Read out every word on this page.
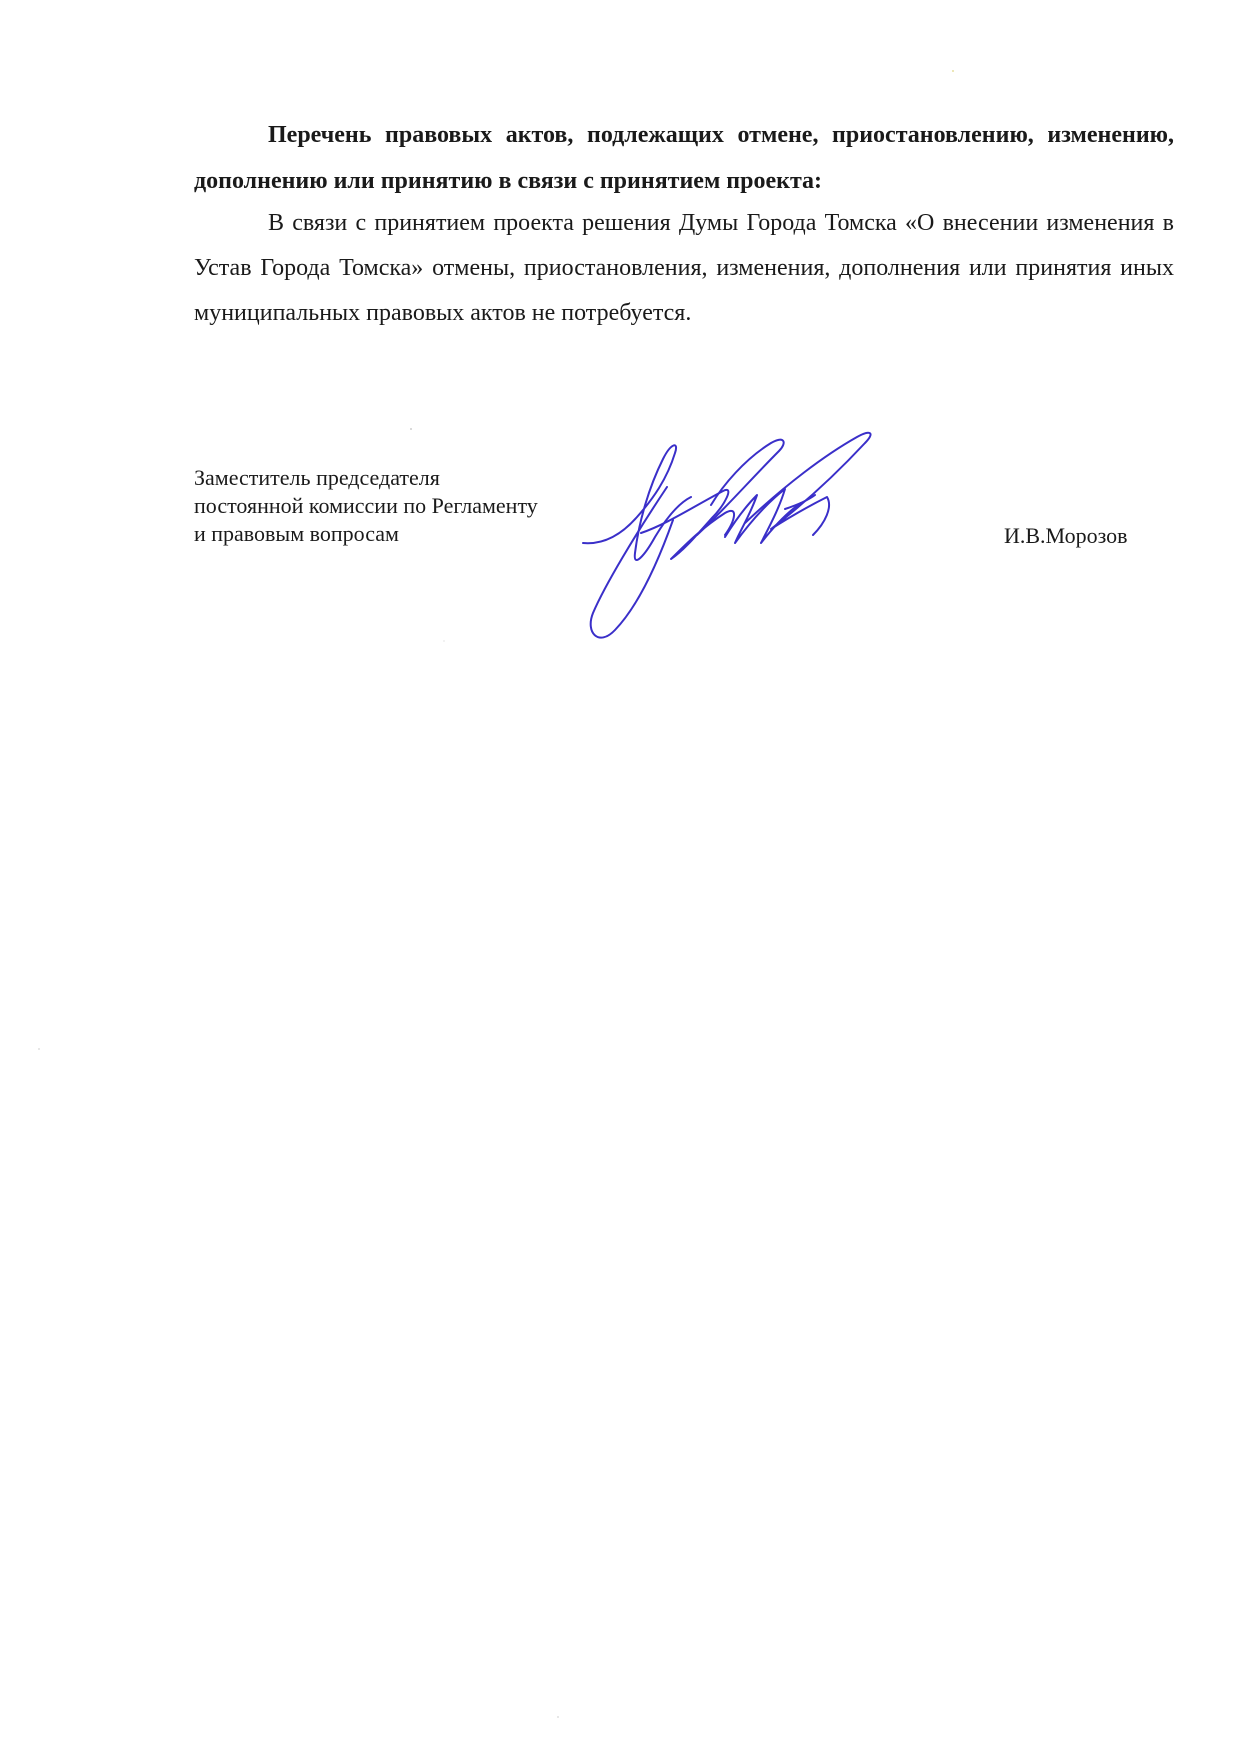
Перечень правовых актов, подлежащих отмене, приостановлению, изменению, дополнению или принятию в связи с принятием проекта:

В связи с принятием проекта решения Думы Города Томска «О внесении изменения в Устав Города Томска» отмены, приостановления, изменения, дополнения или принятия иных муниципальных правовых актов не потребуется.

Заместитель председателя
постоянной комиссии по Регламенту
и правовым вопросам	И.В.Морозов
